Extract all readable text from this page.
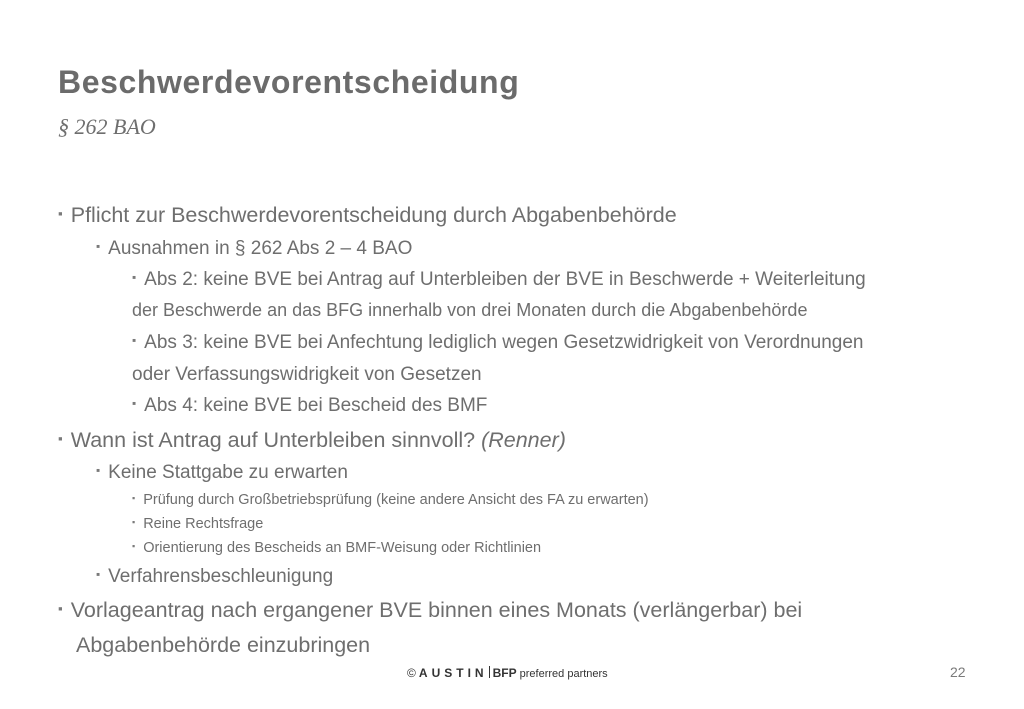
Beschwerdevorentscheidung
§ 262 BAO
▪ Pflicht zur Beschwerdevorentscheidung durch Abgabenbehörde
▪ Ausnahmen in § 262 Abs 2 – 4 BAO
▪ Abs 2: keine BVE bei Antrag auf Unterbleiben der BVE in Beschwerde + Weiterleitung
der Beschwerde an das BFG innerhalb von drei Monaten durch die Abgabenbehörde
▪ Abs 3: keine BVE bei Anfechtung lediglich wegen Gesetzwidrigkeit von Verordnungen
oder Verfassungswidrigkeit von Gesetzen
▪ Abs 4: keine BVE bei Bescheid des BMF
▪ Wann ist Antrag auf Unterbleiben sinnvoll? (Renner)
▪ Keine Stattgabe zu erwarten
▪ Prüfung durch Großbetriebsprüfung (keine andere Ansicht des FA zu erwarten)
▪ Reine Rechtsfrage
▪ Orientierung des Bescheids an BMF-Weisung oder Richtlinien
▪ Verfahrensbeschleunigung
▪ Vorlageantrag nach ergangener BVE binnen eines Monats (verlängerbar) bei
Abgabenbehörde einzubringen
© AUSTIN BFP preferred partners	22
